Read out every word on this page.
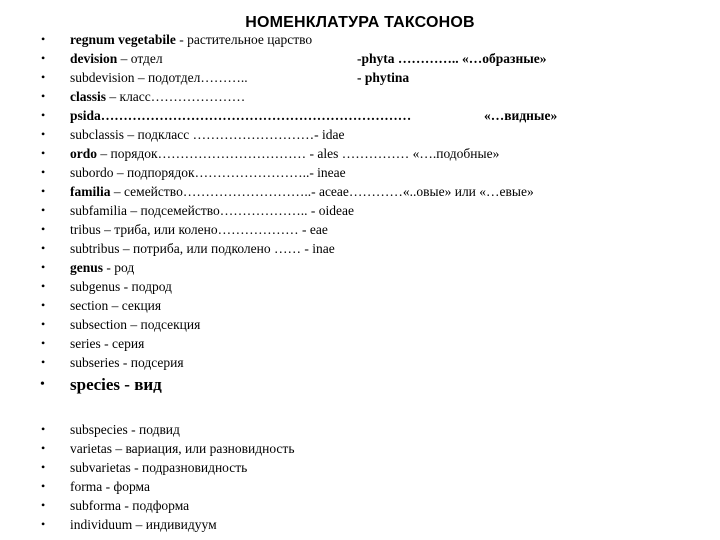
НОМЕНКЛАТУРА ТАКСОНОВ
• regnum vegetabile - растительное царство
• devision – отдел	-phyta ………….. «…образные»
• subdevision – подотдел………..	- phytina
• classis – класс…………………
• psida……………………………………………………………	«…видные»
• subclassis – подкласс ………………………- idae
• ordo – порядок…………………………… - ales …………… «….подобные»
• subordo – подпорядок……………………..- ineae
• familia – семейство………………………..- aceae…………«..овые» или «…евые»
• subfamilia – подсемейство……………….. - oideae
• tribus – триба, или колено……………… - eae
• subtribus – потриба, или подколено …… - inae
• genus - род
• subgenus - подрод
• section – секция
• subsection – подсекция
• series - серия
• subseries - подсерия
• species - вид
• subspecies - подвид
• varietas – вариация, или разновидность
• subvarietas - подразновидность
• forma - форма
• subforma - подформа
• individuum – индивидуум
